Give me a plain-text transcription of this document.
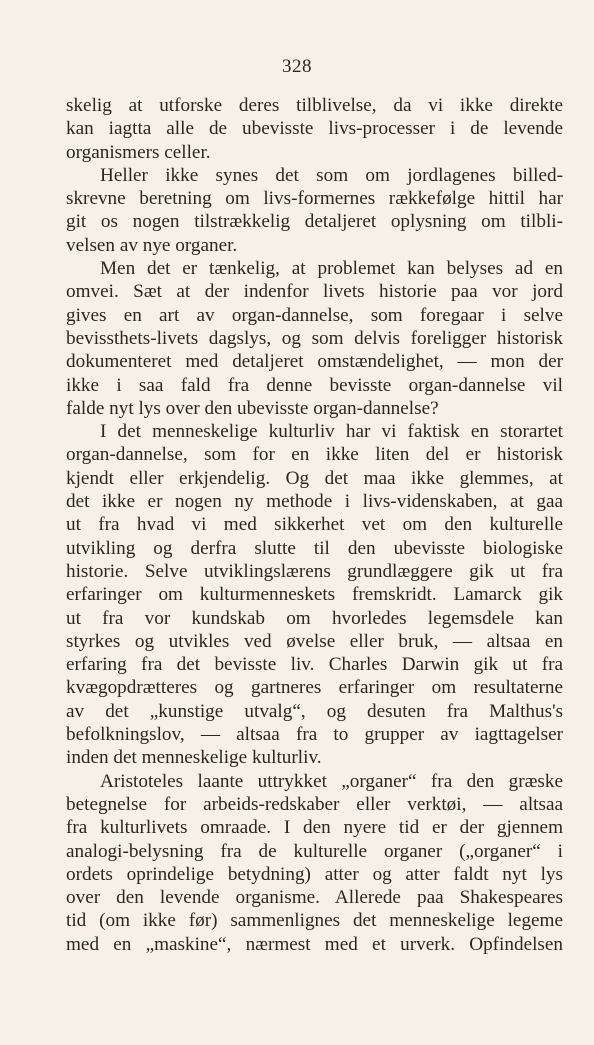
328
skelig at utforske deres tilblivelse, da vi ikke direkte
kan iagtta alle de ubevisste livs-processer i de levende
organismers celler.
Heller ikke synes det som om jordlagenes billed-
skrevne beretning om livs-formernes rækkefølge hittil har
git os nogen tilstrækkelig detaljeret oplysning om tilbli-
velsen av nye organer.
Men det er tænkelig, at problemet kan belyses ad en
omvei. Sæt at der indenfor livets historie paa vor jord
gives en art av organ-dannelse, som foregaar i selve
bevissthets-livets dagslys, og som delvis foreligger historisk
dokumenteret med detaljeret omstændelighet, — mon der
ikke i saa fald fra denne bevisste organ-dannelse vil
falde nyt lys over den ubevisste organ-dannelse?
I det menneskelige kulturliv har vi faktisk en storartet
organ-dannelse, som for en ikke liten del er historisk
kjendt eller erkjendelig. Og det maa ikke glemmes, at
det ikke er nogen ny methode i livs-videnskaben, at gaa
ut fra hvad vi med sikkerhet vet om den kulturelle
utvikling og derfra slutte til den ubevisste biologiske
historie. Selve utviklingslærens grundlæggere gik ut fra
erfaringer om kulturmenneskets fremskridt. Lamarck gik
ut fra vor kundskab om hvorledes legemsdele kan
styrkes og utvikles ved øvelse eller bruk, — altsaa en
erfaring fra det bevisste liv. Charles Darwin gik ut fra
kvægopdrætteres og gartneres erfaringer om resultaterne
av det „kunstige utvalg“, og desuten fra Malthus's
befolkningslov, — altsaa fra to grupper av iagttagelser
inden det menneskelige kulturliv.
Aristoteles laante uttrykket „organer“ fra den græske
betegnelse for arbeids-redskaber eller verktøi, — altsaa
fra kulturlivets omraade. I den nyere tid er der gjennem
analogi-belysning fra de kulturelle organer („organer“ i
ordets oprindelige betydning) atter og atter faldt nyt lys
over den levende organisme. Allerede paa Shakespeares
tid (om ikke før) sammenlignes det menneskelige legeme
med en „maskine“, nærmest med et urverk. Opfindelsen
